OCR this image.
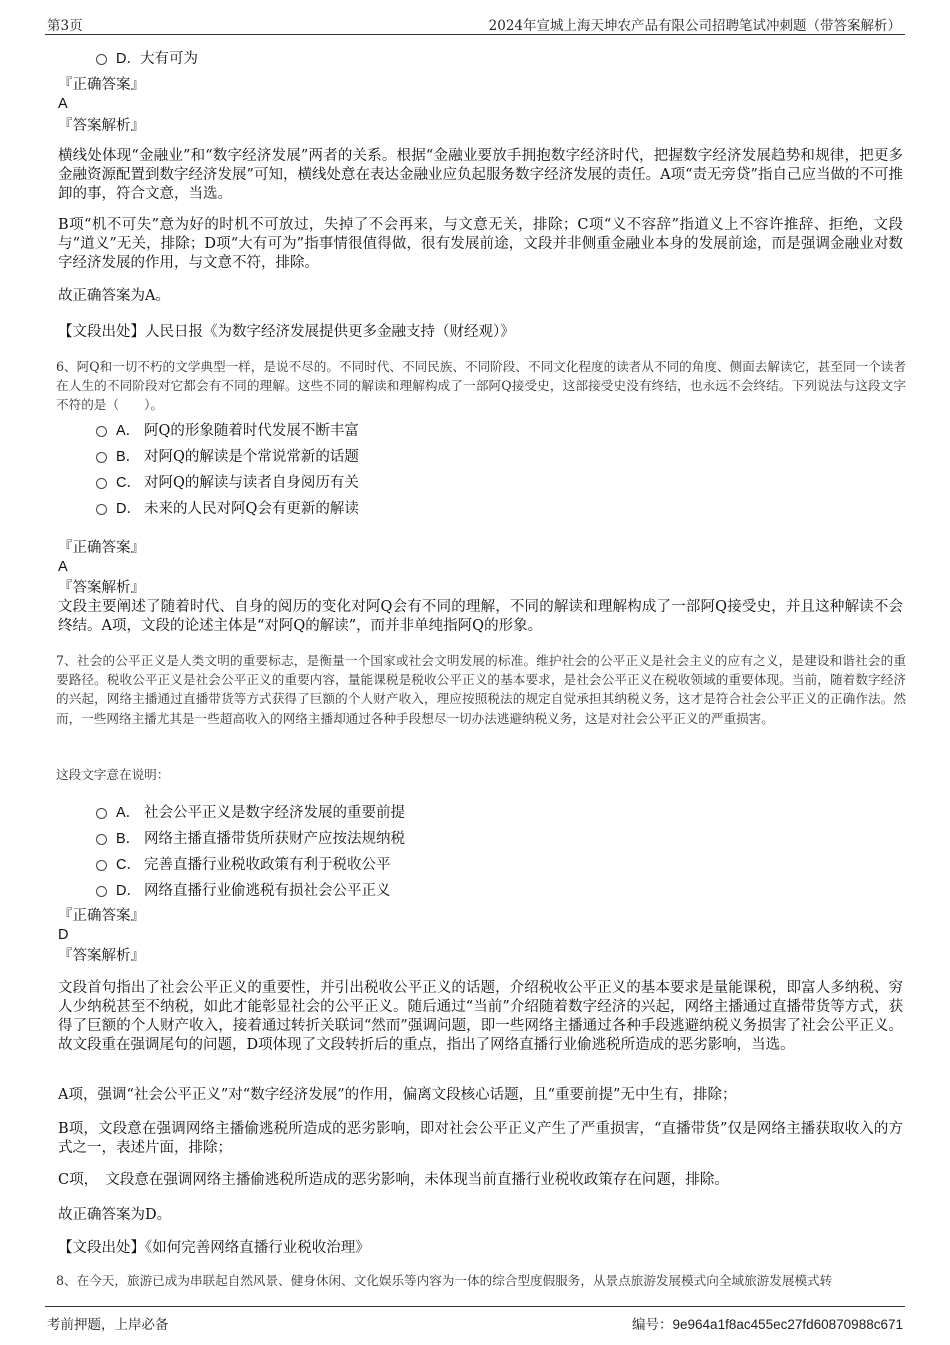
第3页	2024年宣城上海天坤农产品有限公司招聘笔试冲刺题（带答案解析）
D． 大有可为
『正确答案』
A
『答案解析』
横线处体现“金融业”和“数字经济发展”两者的关系。根据“金融业要放手拥抱数字经济时代，把握数字经济发展趋势和规律，把更多金融资源配置到数字经济发展”可知，横线处意在表达金融业应负起服务数字经济发展的责任。A项“责无旁贷”指自己应当做的不可推卸的事，符合文意，当选。
B项“机不可失”意为好的时机不可放过，失掉了不会再来，与文意无关，排除；C项“义不容辞”指道义上不容许推辞、拒绝，文段与“道义”无关，排除；D项“大有可为”指事情很值得做，很有发展前途，文段并非侧重金融业本身的发展前途，而是强调金融业对数字经济发展的作用，与文意不符，排除。
故正确答案为A。
【文段出处】人民日报《为数字经济发展提供更多金融支持（财经观）》
6、阿Q和一切不朽的文学典型一样，是说不尽的。不同时代、不同民族、不同阶段、不同文化程度的读者从不同的角度、侧面去解读它，甚至同一个读者在人生的不同阶段对它都会有不同的理解。这些不同的解读和理解构成了一部阿Q接受史，这部接受史没有终结，也永远不会终结。下列说法与这段文字不符的是（　　）。
A． 阿Q的形象随着时代发展不断丰富
B． 对阿Q的解读是个常说常新的话题
C． 对阿Q的解读与读者自身阅历有关
D． 未来的人民对阿Q会有更新的解读
『正确答案』
A
『答案解析』
文段主要阐述了随着时代、自身的阅历的变化对阿Q会有不同的理解，不同的解读和理解构成了一部阿Q接受史，并且这种解读不会终结。A项，文段的论述主体是“对阿Q的解读”，而并非单纯指阿Q的形象。
7、社会的公平正义是人类文明的重要标志，是衡量一个国家或社会文明发展的标准。维护社会的公平正义是社会主义的应有之义，是建设和谐社会的重要路径。税收公平正义是社会公平正义的重要内容，量能课税是税收公平正义的基本要求，是社会公平正义在税收领域的重要体现。当前，随着数字经济的兴起，网络主播通过直播带货等方式获得了巨额的个人财产收入，理应按照税法的规定自觉承担其纳税义务，这才是符合社会公平正义的正确作法。然而，一些网络主播尤其是一些超高收入的网络主播却通过各种手段想尽一切办法逃避纳税义务，这是对社会公平正义的严重损害。
这段文字意在说明：
A． 社会公平正义是数字经济发展的重要前提
B． 网络主播直播带货所获财产应按法规纳税
C． 完善直播行业税收政策有利于税收公平
D． 网络直播行业偷逃税有损社会公平正义
『正确答案』
D
『答案解析』
文段首句指出了社会公平正义的重要性，并引出税收公平正义的话题，介绍税收公平正义的基本要求是量能课税，即富人多纳税、穷人少纳税甚至不纳税，如此才能彰显社会的公平正义。随后通过“当前”介绍随着数字经济的兴起，网络主播通过直播带货等方式，获得了巨额的个人财产收入，接着通过转折关联词“然而”强调问题，即一些网络主播通过各种手段逃避纳税义务损害了社会公平正义。故文段重在强调尾句的问题，D项体现了文段转折后的重点，指出了网络直播行业偷逃税所造成的恶劣影响，当选。
A项，强调“社会公平正义”对“数字经济发展”的作用，偏离文段核心话题，且“重要前提”无中生有，排除；
B项，文段意在强调网络主播偷逃税所造成的恶劣影响，即对社会公平正义产生了严重损害，“直播带货”仅是网络主播获取收入的方式之一，表述片面，排除；
C项，　文段意在强调网络主播偷逃税所造成的恶劣影响，未体现当前直播行业税收政策存在问题，排除。
故正确答案为D。
【文段出处】《如何完善网络直播行业税收治理》
8、在今天，旅游已成为串联起自然风景、健身休闲、文化娱乐等内容为一体的综合型度假服务，从景点旅游发展模式向全域旅游发展模式转
考前押题，上岸必备	编号：9e964a1f8ac455ec27fd60870988c671
